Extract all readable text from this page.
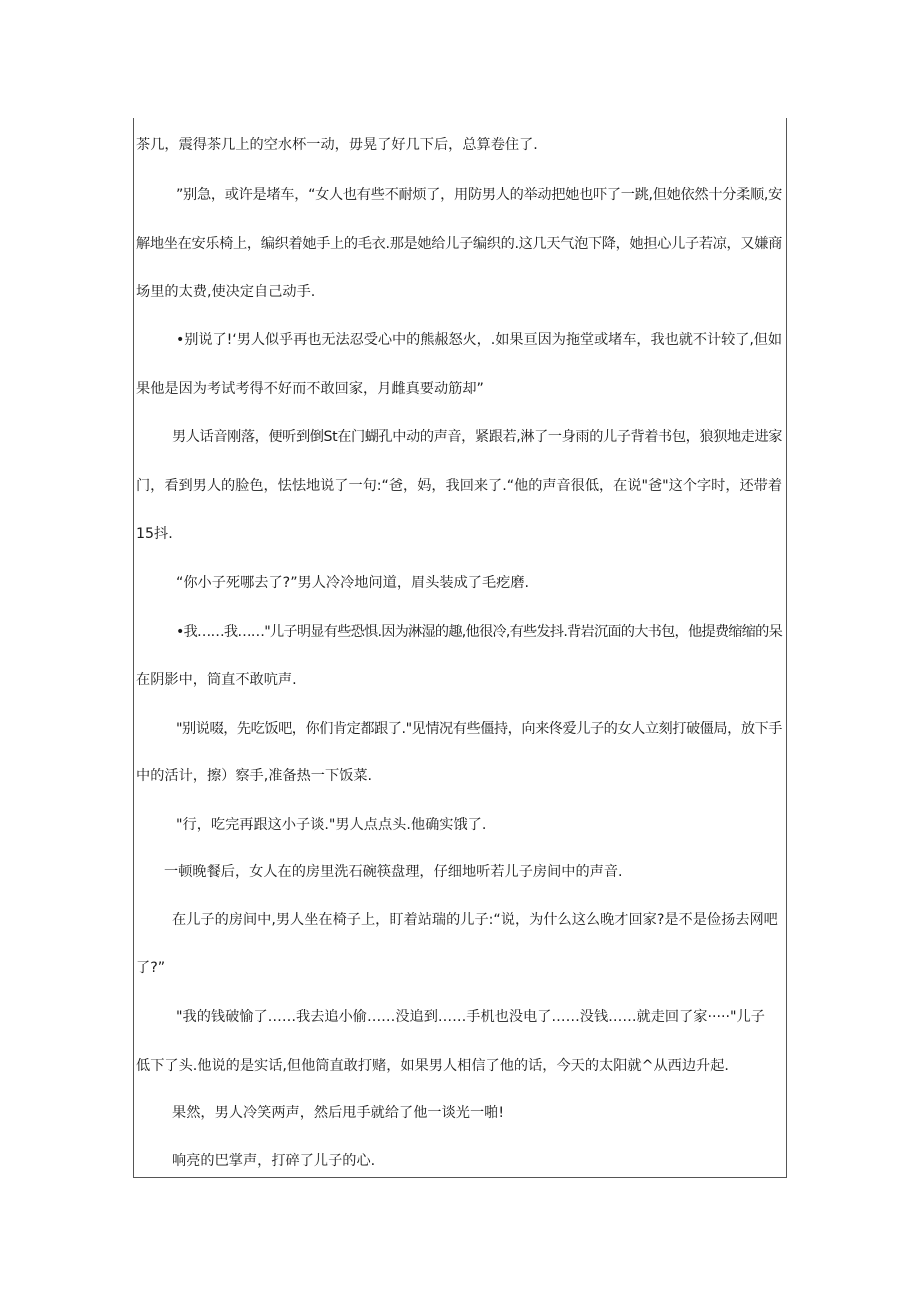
茶几，震得茶几上的空水杯一动，毋晃了好几下后，总算卷住了.
”别急，或许是堵车，“女人也有些不耐烦了，用防男人的举动把她也吓了一跳,但她依然十分柔顺,安
解地坐在安乐椅上，编织着她手上的毛衣.那是她给儿子编织的.这几天气泡下降，她担心儿子若凉，又嫌商
场里的太费,使决定自己动手.
•别说了!‘男人似乎再也无法忍受心中的熊赧怒火，.如果亘因为拖堂或堵车，我也就不计较了,但如
果他是因为考试考得不好而不敢回家，月雌真要动筋却”
男人话音刚落，便听到倒St在门蝴孔中动的声音，紧跟若,淋了一身雨的儿子背着书包，狼狈地走进家
门，看到男人的脸色，怯怯地说了一句:“爸，妈，我回来了.“他的声音很低，在说"爸"这个字时，还带着
15抖.
“你小子死哪去了?”男人冷冷地问道，眉头装成了毛疙磨.
•我……我……"儿子明显有些恐惧.因为淋湿的趣,他很冷,有些发抖.背岩沉面的大书包，他提费缩缩的呆
在阴影中，筒直不敢吭声.
"别说啜，先吃饭吧，你们肯定都跟了."见情况有些僵持，向来佟爱儿子的女人立刻打破僵局，放下手
中的活计，擦）察手,准备热一下饭菜.
"行，吃完再跟这小子谈."男人点点头.他确实饿了.
一顿晚餐后，女人在的房里洗石碗筷盘理，仔细地听若儿子房间中的声音.
在儿子的房间中,男人坐在椅子上，盯着站瑞的儿子:“说，为什么这么晚才回家?是不是俭扬去网吧
了?”
"我的钱破愉了……我去追小偷……没追到……手机也没电了……没钱……就走回了家·····"儿子
低下了头.他说的是实话,但他筒直敢打赌，如果男人相信了他的话，今天的太阳就^从西边升起.
果然，男人冷笑两声，然后甩手就给了他一谈光一啪!
响亮的巴掌声，打碎了儿子的心.
